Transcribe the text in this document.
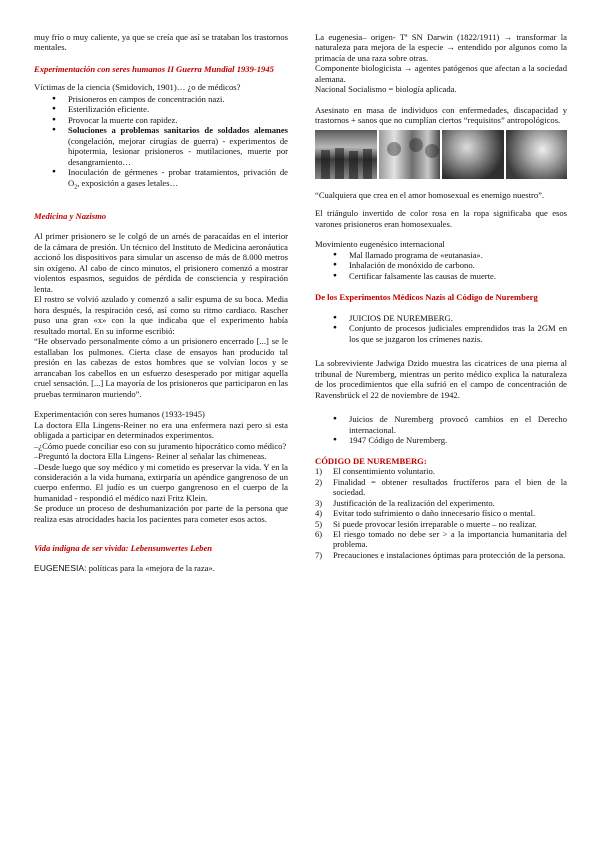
muy frío o muy caliente, ya que se creía que así se trataban los trastornos mentales.

Experimentación con seres humanos II Guerra Mundial 1939-1945

Víctimas de la ciencia (Smidovich, 1901)… ¿o de médicos?

● Prisioneros en campos de concentración nazi.
● Esterilización eficiente.
● Provocar la muerte con rapidez.
● Soluciones a problemas sanitarios de soldados alemanes (congelación, mejorar cirugías de guerra) - experimentos de hipotermia, lesionar prisioneros - mutilaciones, muerte por desangramiento…
● Inoculación de gérmenes - probar tratamientos, privación de $O_2$, exposición a gases letales…

Medicina y Nazismo

Al primer prisionero se le colgó de un arnés de paracaídas en el interior de la cámara de presión. Un técnico del Instituto de Medicina aeronáutica accionó los dispositivos para simular un ascenso de más de 8.000 metros sin oxígeno. Al cabo de cinco minutos, el prisionero comenzó a mostrar violentos espasmos, seguidos de pérdida de consciencia y respiración lenta.

El rostro se volvió azulado y comenzó a salir espuma de su boca. Media hora después, la respiración cesó, así como su ritmo cardiaco. Rascher puso una gran «x» con la que indicaba que el experimento había resultado mortal. En su informe escribió:

“He observado personalmente cómo a un prisionero encerrado [...] se le estallaban los pulmones. Cierta clase de ensayos han producido tal presión en las cabezas de estos hombres que se volvían locos y se arrancaban los cabellos en un esfuerzo desesperado por mitigar aquella cruel sensación. [...] La mayoría de los prisioneros que participaron en las pruebas terminaron muriendo”.

Experimentación con seres humanos (1933-1945)

La doctora Ella Lingens-Reiner no era una enfermera nazi pero si esta obligada a participar en determinados experimentos.

–¿Cómo puede conciliar eso con su juramento hipocrático como médico?

–Preguntó la doctora Ella Lingens- Reiner al señalar las chimeneas.

–Desde luego que soy médico y mi cometido es preservar la vida. Y en la consideración a la vida humana, extirparía un apéndice gangrenoso de un cuerpo enfermo. El judío es un cuerpo gangrenoso en el cuerpo de la humanidad - respondió el médico nazi Fritz Klein.

Se produce un proceso de deshumanización por parte de la persona que realiza esas atrocidades hacia los pacientes para cometer esos actos.

Vida indigna de ser vivida: Lebensunwertes Leben

EUGENESIA: políticas para la «mejora de la raza».

La eugenesia– origen- Tª SN Darwin (1822/1911) → transformar la naturaleza para mejora de la especie → entendido por algunos como la primacía de una raza sobre otras.

Componente biologicista → agentes patógenos que afectan a la sociedad alemana.

Nacional Socialismo = biología aplicada.

Asesinato en masa de individuos con enfermedades, discapacidad y trastornos + sanos que no cumplían ciertos “requisitos” antropológicos.

“Cualquiera que crea en el amor homosexual es enemigo nuestro”.

El triángulo invertido de color rosa en la ropa significaba que esos varones prisioneros eran homosexuales.

Movimiento eugenésico internacional

● Mal llamado programa de «eutanasia».
● Inhalación de monóxido de carbono.
● Certificar falsamente las causas de muerte.

De los Experimentos Médicos Nazis al Código de Nuremberg

● JUICIOS DE NUREMBERG.
● Conjunto de procesos judiciales emprendidos tras la 2GM en los que se juzgaron los crímenes nazis.

La sobreviviente Jadwiga Dzido muestra las cicatrices de una pierna al tribunal de Nuremberg, mientras un perito médico explica la naturaleza de los procedimientos que ella sufrió en el campo de concentración de Ravensbrück el 22 de noviembre de 1942.

● Juicios de Nuremberg provocó cambios en el Derecho internacional.
● 1947 Código de Nuremberg.

CÓDIGO DE NUREMBERG:

1) El consentimiento voluntario.
2) Finalidad = obtener resultados fructíferos para el bien de la sociedad.
3) Justificación de la realización del experimento.
4) Evitar todo sufrimiento o daño innecesario físico o mental.
5) Si puede provocar lesión irreparable o muerte – no realizar.
6) El riesgo tomado no debe ser > a la importancia humanitaria del problema.
7) Precauciones e instalaciones óptimas para protección de la persona.
